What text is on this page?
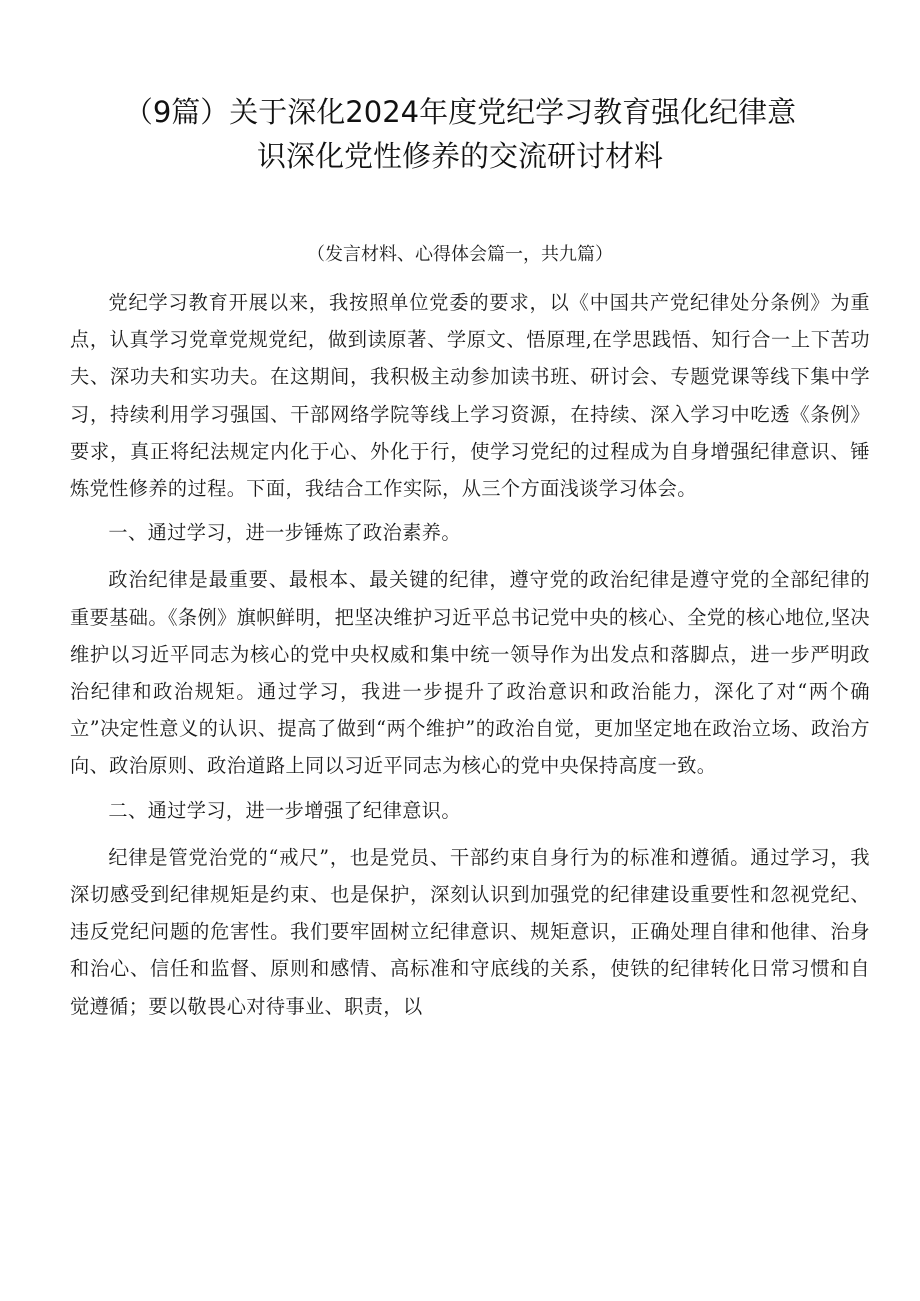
（9篇）关于深化2024年度党纪学习教育强化纪律意
识深化党性修养的交流研讨材料

（发言材料、心得体会篇一，共九篇）

党纪学习教育开展以来，我按照单位党委的要求，以《中国共产党纪律处分条例》为重点，认真学习党章党规党纪，做到读原著、学原文、悟原理,在学思践悟、知行合一上下苦功夫、深功夫和实功夫。在这期间，我积极主动参加读书班、研讨会、专题党课等线下集中学习，持续利用学习强国、干部网络学院等线上学习资源，在持续、深入学习中吃透《条例》要求，真正将纪法规定内化于心、外化于行，使学习党纪的过程成为自身增强纪律意识、锤炼党性修养的过程。下面，我结合工作实际，从三个方面浅谈学习体会。

一、通过学习，进一步锤炼了政治素养。

政治纪律是最重要、最根本、最关键的纪律，遵守党的政治纪律是遵守党的全部纪律的重要基础。《条例》旗帜鲜明，把坚决维护习近平总书记党中央的核心、全党的核心地位,坚决维护以习近平同志为核心的党中央权威和集中统一领导作为出发点和落脚点，进一步严明政治纪律和政治规矩。通过学习，我进一步提升了政治意识和政治能力，深化了对“两个确立”决定性意义的认识、提高了做到“两个维护”的政治自觉，更加坚定地在政治立场、政治方向、政治原则、政治道路上同以习近平同志为核心的党中央保持高度一致。

二、通过学习，进一步增强了纪律意识。

纪律是管党治党的“戒尺”，也是党员、干部约束自身行为的标准和遵循。通过学习，我深切感受到纪律规矩是约束、也是保护，深刻认识到加强党的纪律建设重要性和忽视党纪、违反党纪问题的危害性。我们要牢固树立纪律意识、规矩意识，正确处理自律和他律、治身和治心、信任和监督、原则和感情、高标准和守底线的关系，使铁的纪律转化日常习惯和自觉遵循；要以敬畏心对待事业、职责，以
